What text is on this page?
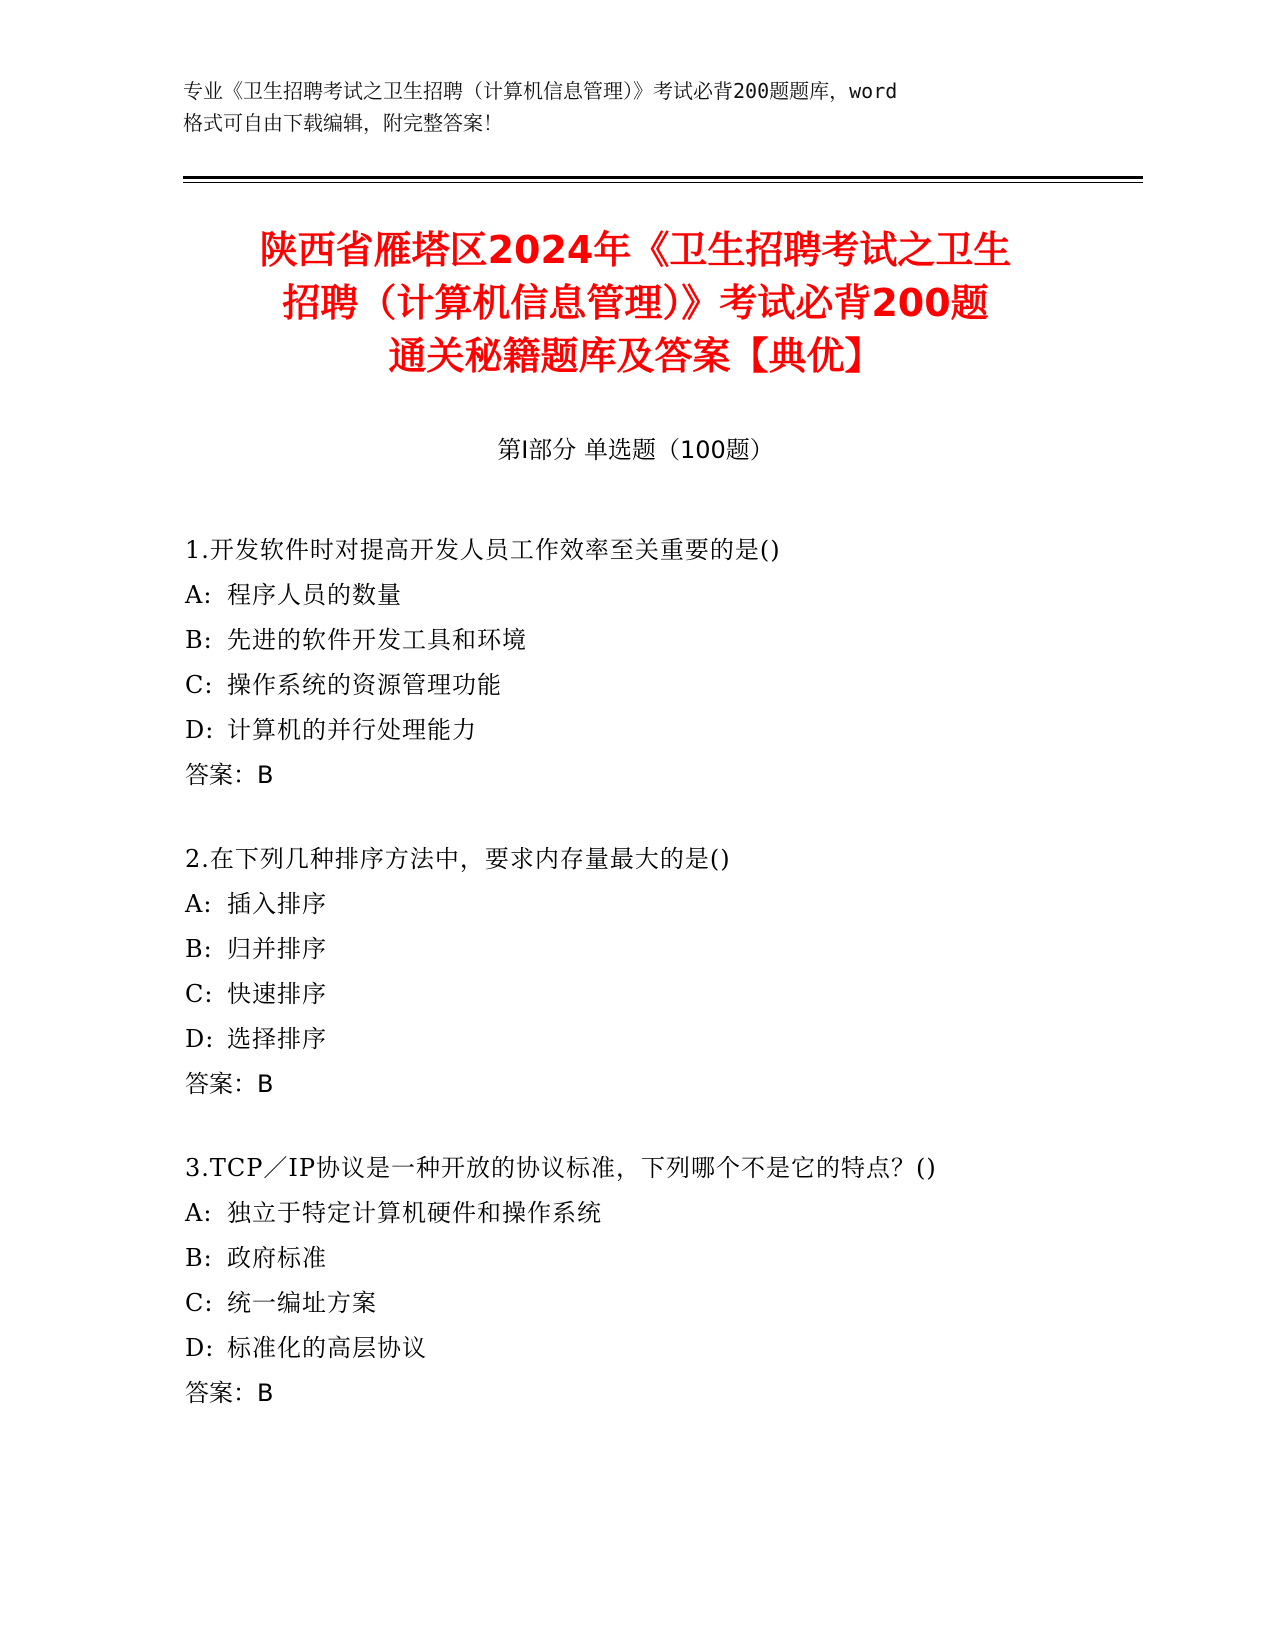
专业《卫生招聘考试之卫生招聘（计算机信息管理）》考试必背200题题库，word
格式可自由下载编辑，附完整答案！
陕西省雁塔区2024年《卫生招聘考试之卫生
招聘（计算机信息管理）》考试必背200题
通关秘籍题库及答案【典优】
第Ⅰ部分 单选题（100题）
1.开发软件时对提高开发人员工作效率至关重要的是()
A: 程序人员的数量
B: 先进的软件开发工具和环境
C: 操作系统的资源管理功能
D: 计算机的并行处理能力
答案：B
2.在下列几种排序方法中，要求内存量最大的是()
A: 插入排序
B: 归并排序
C: 快速排序
D: 选择排序
答案：B
3.TCP／IP协议是一种开放的协议标准，下列哪个不是它的特点？()
A: 独立于特定计算机硬件和操作系统
B: 政府标准
C: 统一编址方案
D: 标准化的高层协议
答案：B
